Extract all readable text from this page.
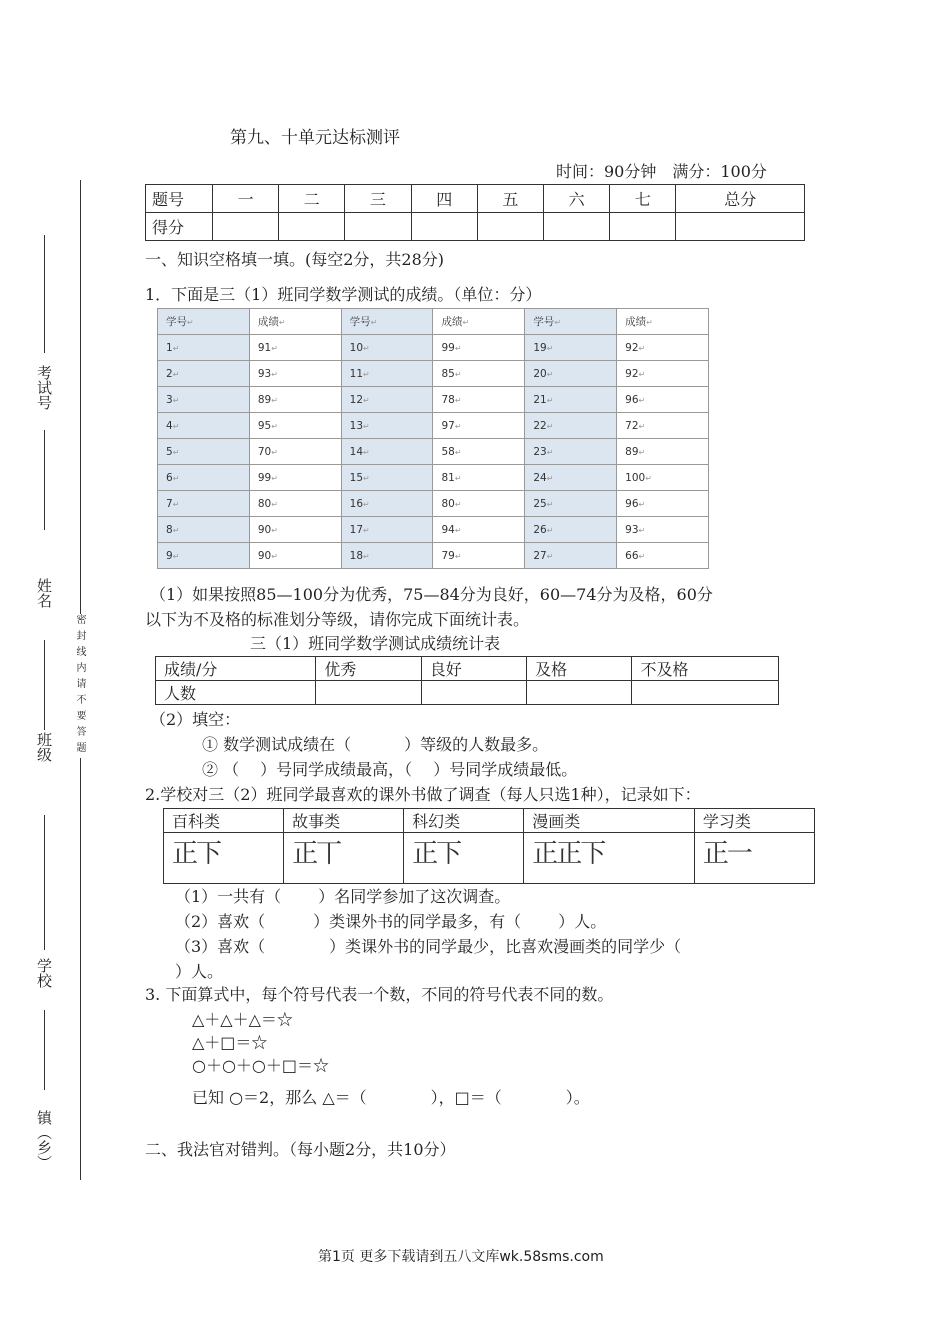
考试号
姓名
班级
学校
镇（乡）
密封线内请不要答题
第九、十单元达标测评
时间：90分钟　满分：100分
题号	一	二	三	四	五	六	七	总分
得分								
一、知识空格填一填。(每空2分，共28分)
1．下面是三（1）班同学数学测试的成绩。（单位：分）
学号↵	成绩↵	学号↵	成绩↵	学号↵	成绩↵
1↵	91↵	10↵	99↵	19↵	92↵
2↵	93↵	11↵	85↵	20↵	92↵
3↵	89↵	12↵	78↵	21↵	96↵
4↵	95↵	13↵	97↵	22↵	72↵
5↵	70↵	14↵	58↵	23↵	89↵
6↵	99↵	15↵	81↵	24↵	100↵
7↵	80↵	16↵	80↵	25↵	96↵
8↵	90↵	17↵	94↵	26↵	93↵
9↵	90↵	18↵	79↵	27↵	66↵
（1）如果按照85—100分为优秀，75—84分为良好，60—74分为及格，60分
以下为不及格的标准划分等级，请你完成下面统计表。
三（1）班同学数学测试成绩统计表
成绩/分	优秀	良好	及格	不及格
人数				
（2）填空：
① 数学测试成绩在（　　　 ）等级的人数最多。
② （　 ）号同学成绩最高，（　 ）号同学成绩最低。
2.学校对三（2）班同学最喜欢的课外书做了调查（每人只选1种），记录如下：
百科类	故事类	科幻类	漫画类	学习类
正下	正丅	正下	正正下	正一
（1）一共有（　　 ）名同学参加了这次调查。
（2）喜欢（　　　）类课外书的同学最多，有（　　 ）人。
（3）喜欢（　　　　）类课外书的同学最少，比喜欢漫画类的同学少（
）人。
3. 下面算式中，每个符号代表一个数，不同的符号代表不同的数。
△＋△＋△＝☆
△＋□＝☆
○＋○＋○＋□＝☆
已知 ○＝2，那么 △＝（　　　　），□＝（　　　　）。
二、我法官对错判。（每小题2分，共10分）
第1页 更多下载请到五八文库wk.58sms.com
